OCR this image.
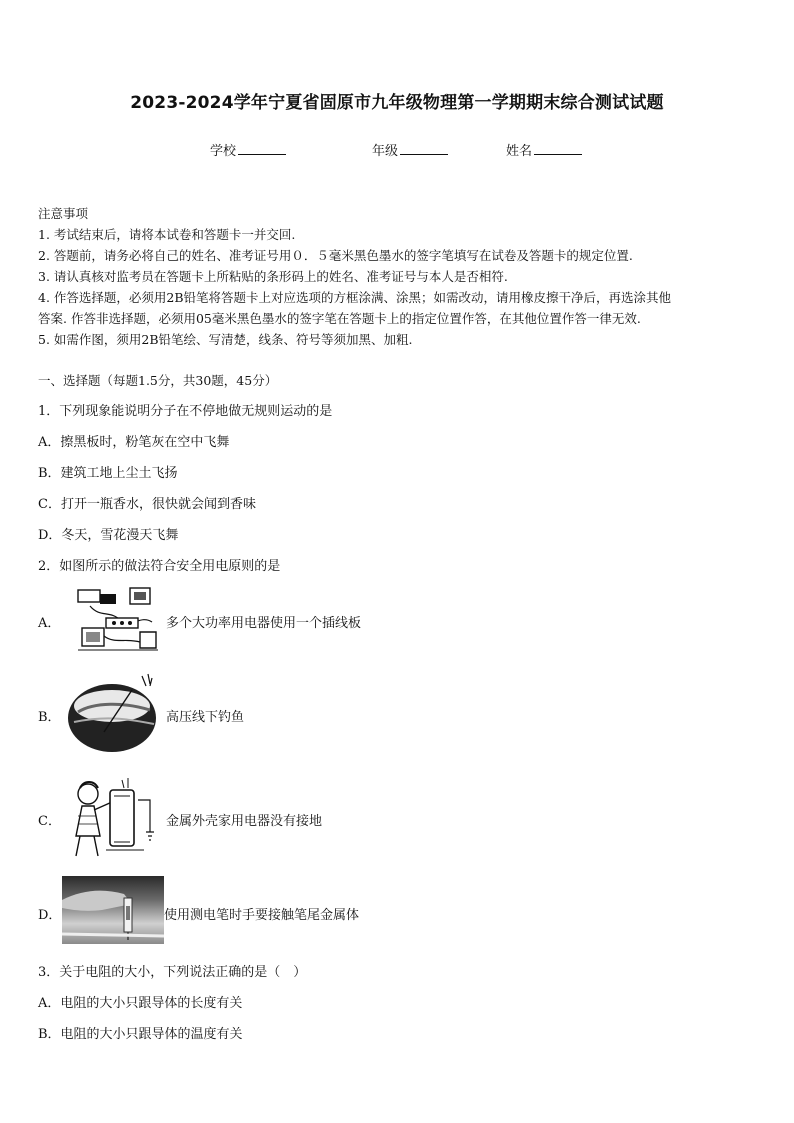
2023-2024学年宁夏省固原市九年级物理第一学期期末综合测试试题
学校	年级	姓名
注意事项
1. 考试结束后，请将本试卷和答题卡一并交回.
2. 答题前，请务必将自己的姓名、准考证号用０．５毫米黑色墨水的签字笔填写在试卷及答题卡的规定位置.
3. 请认真核对监考员在答题卡上所粘贴的条形码上的姓名、准考证号与本人是否相符.
4. 作答选择题，必须用2B铅笔将答题卡上对应选项的方框涂满、涂黑；如需改动，请用橡皮擦干净后，再选涂其他
答案. 作答非选择题，必须用05毫米黑色墨水的签字笔在答题卡上的指定位置作答，在其他位置作答一律无效.
5. 如需作图，须用2B铅笔绘、写清楚，线条、符号等须加黑、加粗.
一、选择题（每题1.5分，共30题，45分）
1．下列现象能说明分子在不停地做无规则运动的是
A．擦黑板时，粉笔灰在空中飞舞
B．建筑工地上尘土飞扬
C．打开一瓶香水，很快就会闻到香味
D．冬天，雪花漫天飞舞
2．如图所示的做法符合安全用电原则的是
A．	多个大功率用电器使用一个插线板
B．	高压线下钓鱼
C．	金属外壳家用电器没有接地
D．	使用测电笔时手要接触笔尾金属体
3．关于电阻的大小，下列说法正确的是（　）
A．电阻的大小只跟导体的长度有关
B．电阻的大小只跟导体的温度有关
